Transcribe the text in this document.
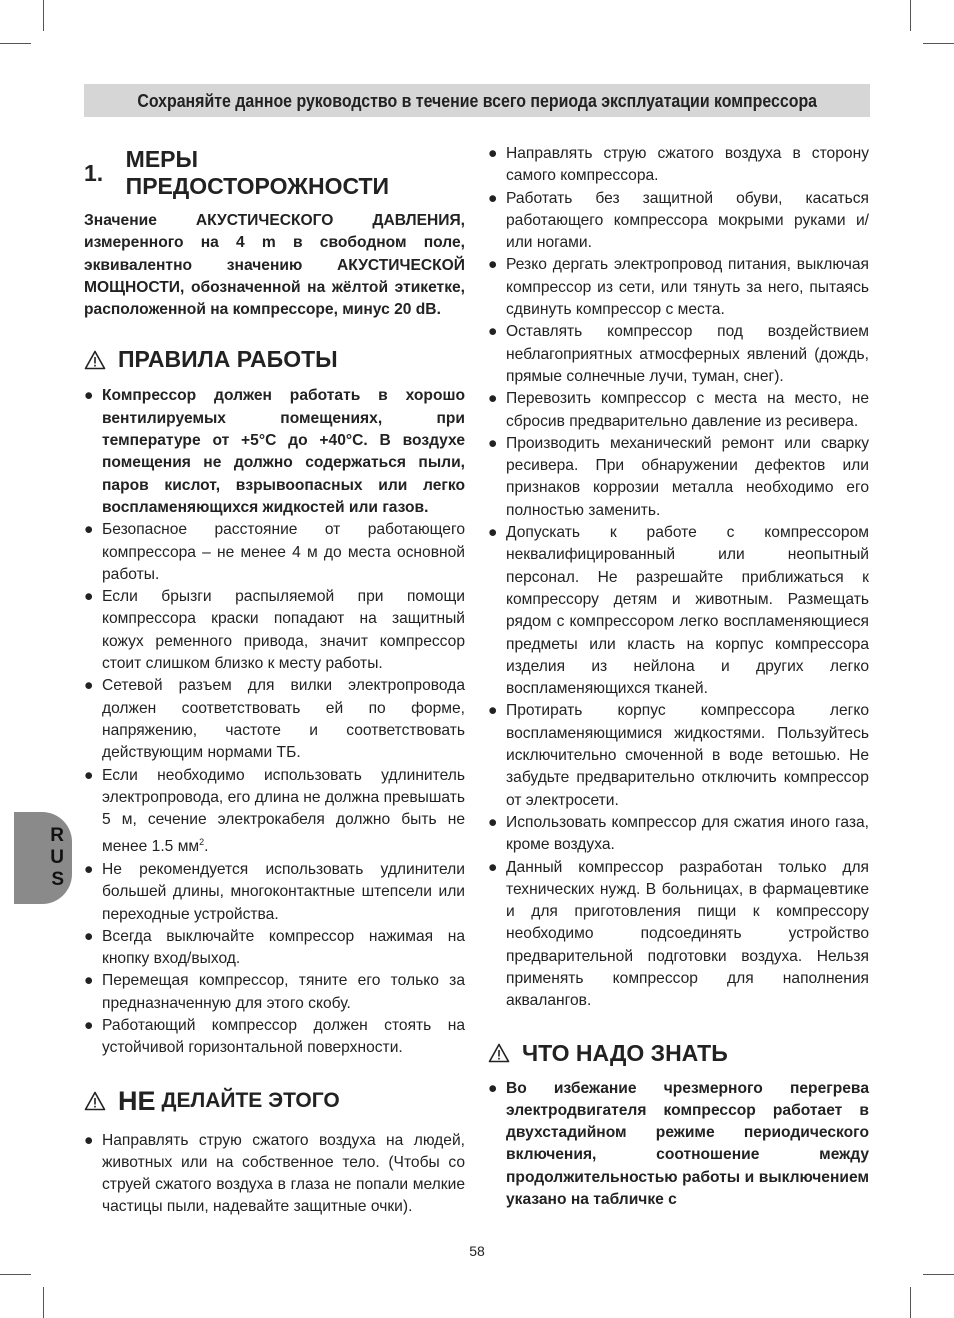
Сохраняйте данное руководство в течение всего периода эксплуатации компрессора
1.
МЕРЫ ПРЕДОСТОРОЖНОСТИ

Значение АКУСТИЧЕСКОГО ДАВЛЕНИЯ, измеренного на 4 m в свободном поле, эквивалентно значению АКУСТИЧЕСКОЙ МОЩНОСТИ, обозначенной на жёлтой этикетке, расположенной на компрессоре, минус 20 dB.

ПРАВИЛА РАБОТЫ
● Компрессор должен работать в хорошо вентилируемых помещениях, при температуре от +5°С до +40°С. В воздухе помещения не должно содержаться пыли, паров кислот, взрывоопасных или легко воспламеняющихся жидкостей или газов.
● Безопасное расстояние от работающего компрессора – не менее 4 м до места основной работы.
● Если брызги распыляемой при помощи компрессора краски попадают на защитный кожух ременного привода, значит компрессор стоит слишком близко к месту работы.
● Сетевой разъем для вилки электропровода должен соответствовать ей по форме, напряжению, частоте и соответствовать действующим нормами ТБ.
● Если необходимо использовать удлинитель электропровода, его длина не должна превышать 5 м, сечение электрокабеля должно быть не менее 1.5 $мм^2$.
● Не рекомендуется использовать удлинители большей длины, многоконтактные штепсели или переходные устройства.
● Всегда выключайте компрессор нажимая на кнопку вход/выход.
● Перемещая компрессор, тяните его только за предназначенную для этого скобу.
● Работающий компрессор должен стоять на устойчивой горизонтальной поверхности.
НЕ ДЕЛАЙТЕ ЭТОГО
● Направлять струю сжатого воздуха на людей, животных или на собственное тело. (Чтобы со струей сжатого воздуха в глаза не попали мелкие частицы пыли, надевайте защитные очки).
● Направлять струю сжатого воздуха в сторону самого компрессора.
● Работать без защитной обуви, касаться работающего компрессора мокрыми руками и/или ногами.
● Резко дергать электропровод питания, выключая компрессор из сети, или тянуть за него, пытаясь сдвинуть компрессор с места.
● Оставлять компрессор под воздействием неблагоприятных атмосферных явлений (дождь, прямые солнечные лучи, туман, снег).
● Перевозить компрессор с места на место, не сбросив предварительно давление из ресивера.
● Производить механический ремонт или сварку ресивера. При обнаружении дефектов или признаков коррозии металла необходимо его полностью заменить.
● Допускать к работе с компрессором неквалифицированный или неопытный персонал. Не разрешайте приближаться к компрессору детям и животным. Размещать рядом с компрессором легко воспламеняющиеся предметы или класть на корпус компрессора изделия из нейлона и других легко воспламеняющихся тканей.
● Протирать корпус компрессора легко воспламеняющимися жидкостями. Пользуйтесь исключительно смоченной в воде ветошью. Не забудьте предварительно отключить компрессор от электросети.
● Использовать компрессор для сжатия иного газа, кроме воздуха.
● Данный компрессор разработан только для технических нужд. В больницах, в фармацевтике и для приготовления пищи к компрессору необходимо подсоединять устройство предварительной подготовки воздуха. Нельзя применять компрессор для наполнения аквалангов.
ЧТО НАДО ЗНАТЬ
● Во избежание чрезмерного перегрева электродвигателя компрессор работает в двухстадийном режиме периодического включения, соотношение между продолжительностью работы и выключением указано на табличке с
R
U
S
58
